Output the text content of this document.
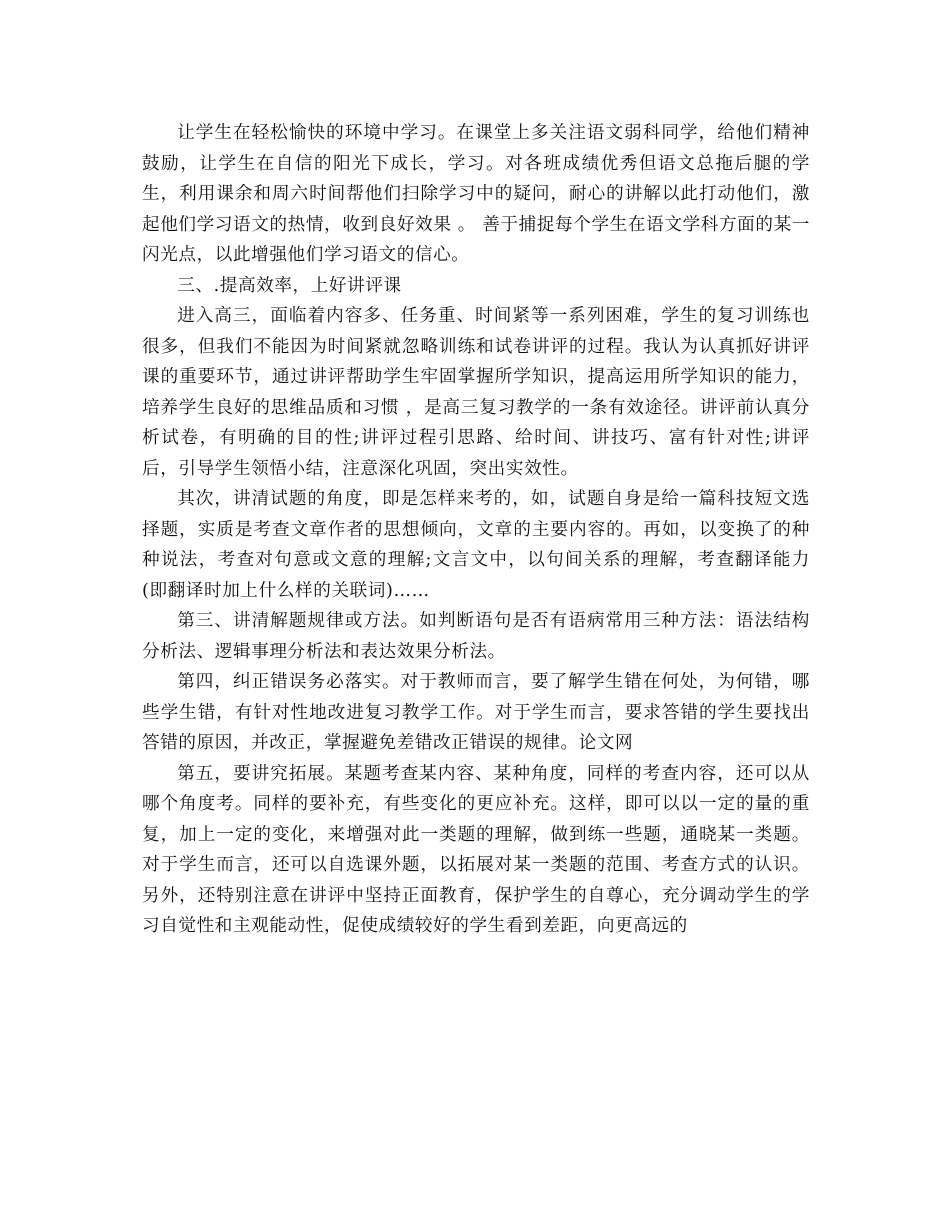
让学生在轻松愉快的环境中学习。在课堂上多关注语文弱科同学，给他们精神鼓励，让学生在自信的阳光下成长，学习。对各班成绩优秀但语文总拖后腿的学生，利用课余和周六时间帮他们扫除学习中的疑问，耐心的讲解以此打动他们，激起他们学习语文的热情，收到良好效果 。 善于捕捉每个学生在语文学科方面的某一闪光点，以此增强他们学习语文的信心。

三、.提高效率，上好讲评课

进入高三，面临着内容多、任务重、时间紧等一系列困难，学生的复习训练也很多，但我们不能因为时间紧就忽略训练和试卷讲评的过程。我认为认真抓好讲评课的重要环节，通过讲评帮助学生牢固掌握所学知识，提高运用所学知识的能力，培养学生良好的思维品质和习惯 ，是高三复习教学的一条有效途径。讲评前认真分析试卷，有明确的目的性;讲评过程引思路、给时间、讲技巧、富有针对性;讲评后，引导学生领悟小结，注意深化巩固，突出实效性。

其次，讲清试题的角度，即是怎样来考的，如，试题自身是给一篇科技短文选择题，实质是考查文章作者的思想倾向，文章的主要内容的。再如，以变换了的种种说法，考查对句意或文意的理解;文言文中，以句间关系的理解，考查翻译能力(即翻译时加上什么样的关联词)……

第三、讲清解题规律或方法。如判断语句是否有语病常用三种方法：语法结构分析法、逻辑事理分析法和表达效果分析法。

第四，纠正错误务必落实。对于教师而言，要了解学生错在何处，为何错，哪些学生错，有针对性地改进复习教学工作。对于学生而言，要求答错的学生要找出答错的原因，并改正，掌握避免差错改正错误的规律。论文网

第五，要讲究拓展。某题考查某内容、某种角度，同样的考查内容，还可以从哪个角度考。同样的要补充，有些变化的更应补充。这样，即可以以一定的量的重复，加上一定的变化，来增强对此一类题的理解，做到练一些题，通晓某一类题。对于学生而言，还可以自选课外题，以拓展对某一类题的范围、考查方式的认识。另外，还特别注意在讲评中坚持正面教育，保护学生的自尊心，充分调动学生的学习自觉性和主观能动性，促使成绩较好的学生看到差距，向更高远的
